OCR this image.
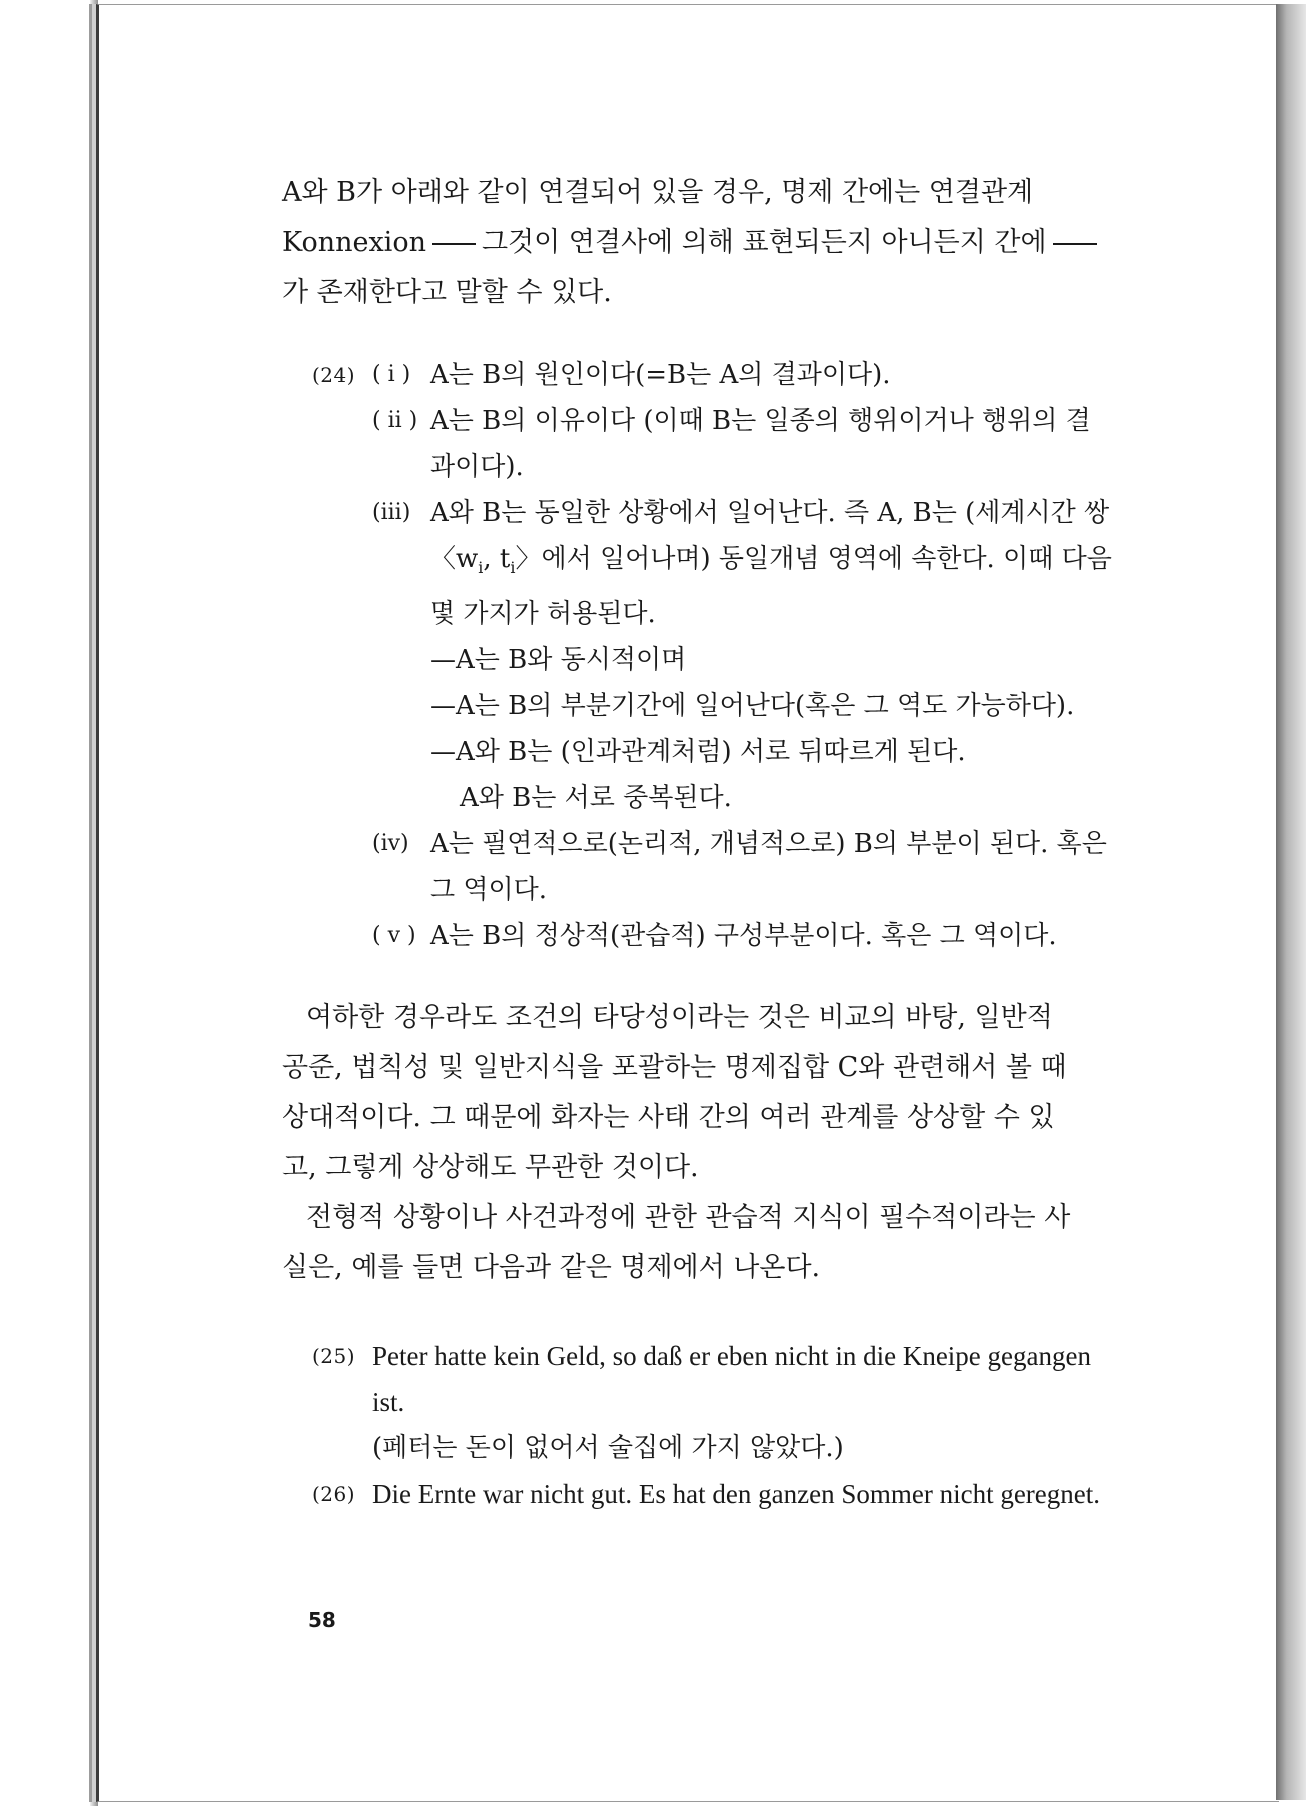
A와 B가 아래와 같이 연결되어 있을 경우, 명제 간에는 연결관계
Konnexion 그것이 연결사에 의해 표현되든지 아니든지 간에
가 존재한다고 말할 수 있다.

(24) ( i ) A는 B의 원인이다(=B는 A의 결과이다).
( ii ) A는 B의 이유이다 (이때 B는 일종의 행위이거나 행위의 결
과이다).
(iii) A와 B는 동일한 상황에서 일어난다. 즉 A, B는 (세계시간 쌍
〈$w_i$, $t_i$〉에서 일어나며) 동일개념 영역에 속한다. 이때 다음
몇 가지가 허용된다.
—A는 B와 동시적이며
—A는 B의 부분기간에 일어난다(혹은 그 역도 가능하다).
—A와 B는 (인과관계처럼) 서로 뒤따르게 된다.
A와 B는 서로 중복된다.
(iv) A는 필연적으로(논리적, 개념적으로) B의 부분이 된다. 혹은
그 역이다.
( v ) A는 B의 정상적(관습적) 구성부분이다. 혹은 그 역이다.

여하한 경우라도 조건의 타당성이라는 것은 비교의 바탕, 일반적
공준, 법칙성 및 일반지식을 포괄하는 명제집합 C와 관련해서 볼 때
상대적이다. 그 때문에 화자는 사태 간의 여러 관계를 상상할 수 있
고, 그렇게 상상해도 무관한 것이다.

전형적 상황이나 사건과정에 관한 관습적 지식이 필수적이라는 사
실은, 예를 들면 다음과 같은 명제에서 나온다.

(25) Peter hatte kein Geld, so daß er eben nicht in die Kneipe gegangen
ist.
(페터는 돈이 없어서 술집에 가지 않았다.)
(26) Die Ernte war nicht gut. Es hat den ganzen Sommer nicht geregnet.
58
